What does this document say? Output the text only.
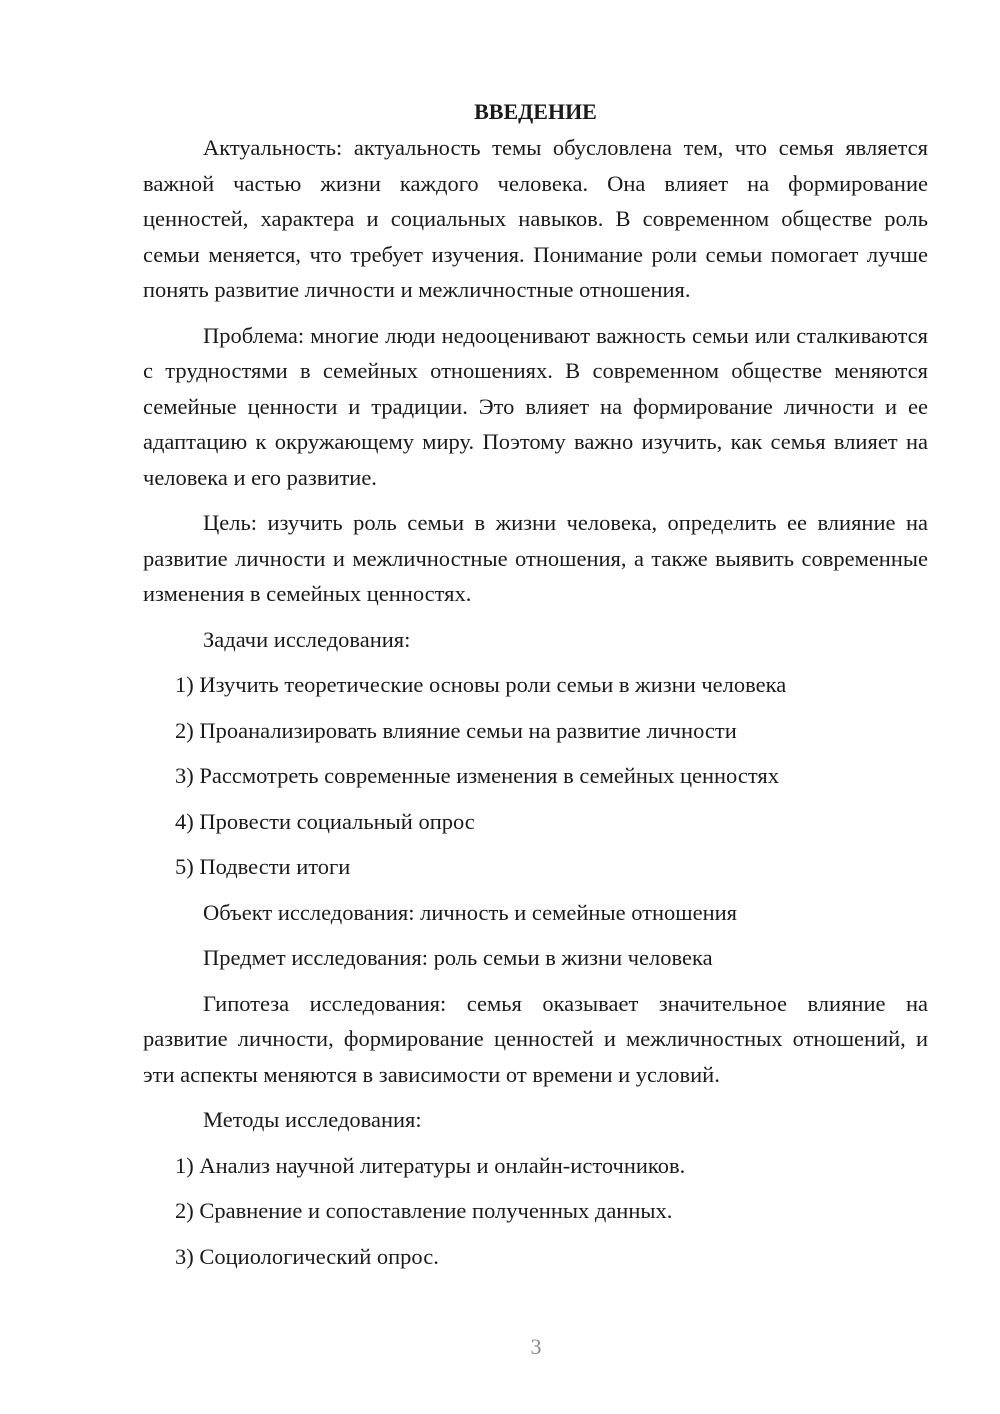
ВВЕДЕНИЕ

Актуальность: актуальность темы обусловлена тем, что семья является важной частью жизни каждого человека. Она влияет на формирование ценностей, характера и социальных навыков. В современном обществе роль семьи меняется, что требует изучения. Понимание роли семьи помогает лучше понять развитие личности и межличностные отношения.

Проблема: многие люди недооценивают важность семьи или сталкиваются с трудностями в семейных отношениях. В современном обществе меняются семейные ценности и традиции. Это влияет на формирование личности и ее адаптацию к окружающему миру. Поэтому важно изучить, как семья влияет на человека и его развитие.

Цель: изучить роль семьи в жизни человека, определить ее влияние на развитие личности и межличностные отношения, а также выявить современные изменения в семейных ценностях.

Задачи исследования:

1) Изучить теоретические основы роли семьи в жизни человека

2) Проанализировать влияние семьи на развитие личности

3) Рассмотреть современные изменения в семейных ценностях

4) Провести социальный опрос

5) Подвести итоги

Объект исследования: личность и семейные отношения

Предмет исследования: роль семьи в жизни человека

Гипотеза исследования: семья оказывает значительное влияние на развитие личности, формирование ценностей и межличностных отношений, и эти аспекты меняются в зависимости от времени и условий.

Методы исследования:

1) Анализ научной литературы и онлайн-источников.

2) Сравнение и сопоставление полученных данных.

3) Социологический опрос.

3
